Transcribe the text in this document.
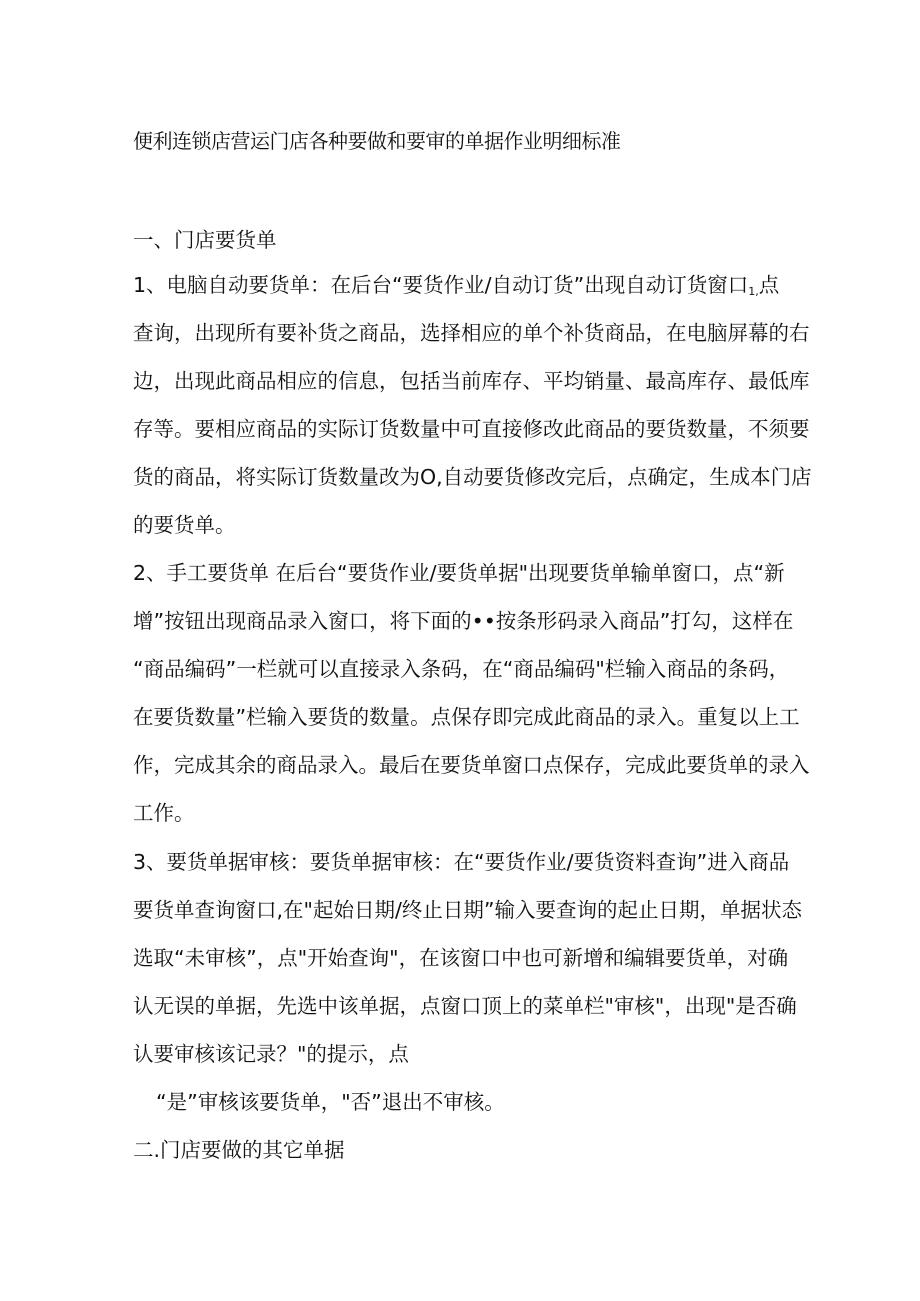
便利连锁店营运门店各种要做和要审的单据作业明细标准
一、门店要货单
1、电脑自动要货单：在后台“要货作业/自动订货”出现自动订货窗口$_{1,}$点
查询，出现所有要补货之商品，选择相应的单个补货商品，在电脑屏幕的右
边，出现此商品相应的信息，包括当前库存、平均销量、最高库存、最低库
存等。要相应商品的实际订货数量中可直接修改此商品的要货数量，不须要
货的商品，将实际订货数量改为O,自动要货修改完后，点确定，生成本门店
的要货单。
2、手工要货单 在后台“要货作业/要货单据"出现要货单输单窗口，点“新
增”按钮出现商品录入窗口，将下面的••按条形码录入商品”打勾，这样在
“商品编码”一栏就可以直接录入条码，在“商品编码"栏输入商品的条码，
在要货数量”栏输入要货的数量。点保存即完成此商品的录入。重复以上工
作，完成其余的商品录入。最后在要货单窗口点保存，完成此要货单的录入
工作。
3、要货单据审核：要货单据审核：在“要货作业/要货资料查询”进入商品
要货单查询窗口,在"起始日期/终止日期”输入要查询的起止日期，单据状态
选取“未审核”，点"开始查询"，在该窗口中也可新增和编辑要货单，对确
认无误的单据，先选中该单据，点窗口顶上的菜单栏"审核"，出现"是否确
认要审核该记录？"的提示，点
“是”审核该要货单，"否”退出不审核。
二.门店要做的其它单据
